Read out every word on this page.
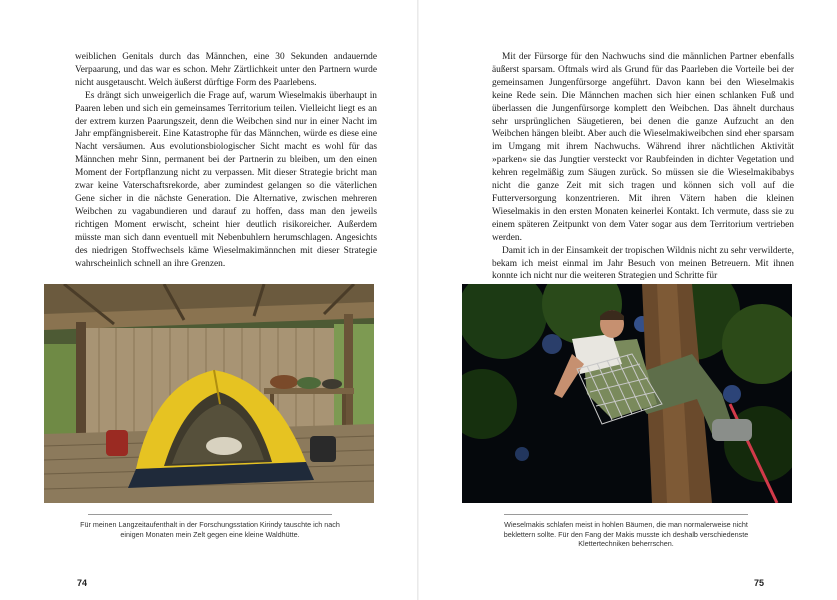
weiblichen Genitals durch das Männchen, eine 30 Sekunden andauernde Verpaarung, und das war es schon. Mehr Zärtlichkeit unter den Partnern wurde nicht ausgetauscht. Welch äußerst dürftige Form des Paarlebens.

Es drängt sich unweigerlich die Frage auf, warum Wieselmakis überhaupt in Paaren leben und sich ein gemeinsames Territorium teilen. Vielleicht liegt es an der extrem kurzen Paarungszeit, denn die Weibchen sind nur in einer Nacht im Jahr empfängnisbereit. Eine Katastrophe für das Männchen, würde es diese eine Nacht versäumen. Aus evolutionsbiologischer Sicht macht es wohl für das Männchen mehr Sinn, permanent bei der Partnerin zu bleiben, um den einen Moment der Fortpflanzung nicht zu verpassen. Mit dieser Strategie bricht man zwar keine Vaterschaftsrekorde, aber zumindest gelangen so die väterlichen Gene sicher in die nächste Generation. Die Alternative, zwischen mehreren Weibchen zu vagabundieren und darauf zu hoffen, dass man den jeweils richtigen Moment erwischt, scheint hier deutlich risikoreicher. Außerdem müsste man sich dann eventuell mit Nebenbuhlern herumschlagen. Angesichts des niedrigen Stoffwechsels käme Wieselmakimännchen mit dieser Strategie wahrscheinlich schnell an ihre Grenzen.

Für meinen Langzeitaufenthalt in der Forschungsstation Kirindy tauschte ich nach einigen Monaten mein Zelt gegen eine kleine Waldhütte.
74

Mit der Fürsorge für den Nachwuchs sind die männlichen Partner ebenfalls äußerst sparsam. Oftmals wird als Grund für das Paarleben die Vorteile bei der gemeinsamen Jungenfürsorge angeführt. Davon kann bei den Wieselmakis keine Rede sein. Die Männchen machen sich hier einen schlanken Fuß und überlassen die Jungenfürsorge komplett den Weibchen. Das ähnelt durchaus sehr ursprünglichen Säugetieren, bei denen die ganze Aufzucht an den Weibchen hängen bleibt. Aber auch die Wieselmakiweibchen sind eher sparsam im Umgang mit ihrem Nachwuchs. Während ihrer nächtlichen Aktivität »parken« sie das Jungtier versteckt vor Raubfeinden in dichter Vegetation und kehren regelmäßig zum Säugen zurück. So müssen sie die Wieselmakibabys nicht die ganze Zeit mit sich tragen und können sich voll auf die Futterversorgung konzentrieren. Mit ihren Vätern haben die kleinen Wieselmakis in den ersten Monaten keinerlei Kontakt. Ich vermute, dass sie zu einem späteren Zeitpunkt von dem Vater sogar aus dem Territorium vertrieben werden.

Damit ich in der Einsamkeit der tropischen Wildnis nicht zu sehr verwilderte, bekam ich meist einmal im Jahr Besuch von meinen Betreuern. Mit ihnen konnte ich nicht nur die weiteren Strategien und Schritte für

Wieselmakis schlafen meist in hohlen Bäumen, die man normalerweise nicht beklettern sollte. Für den Fang der Makis musste ich deshalb verschiedenste Klettertechniken beherrschen.
75
